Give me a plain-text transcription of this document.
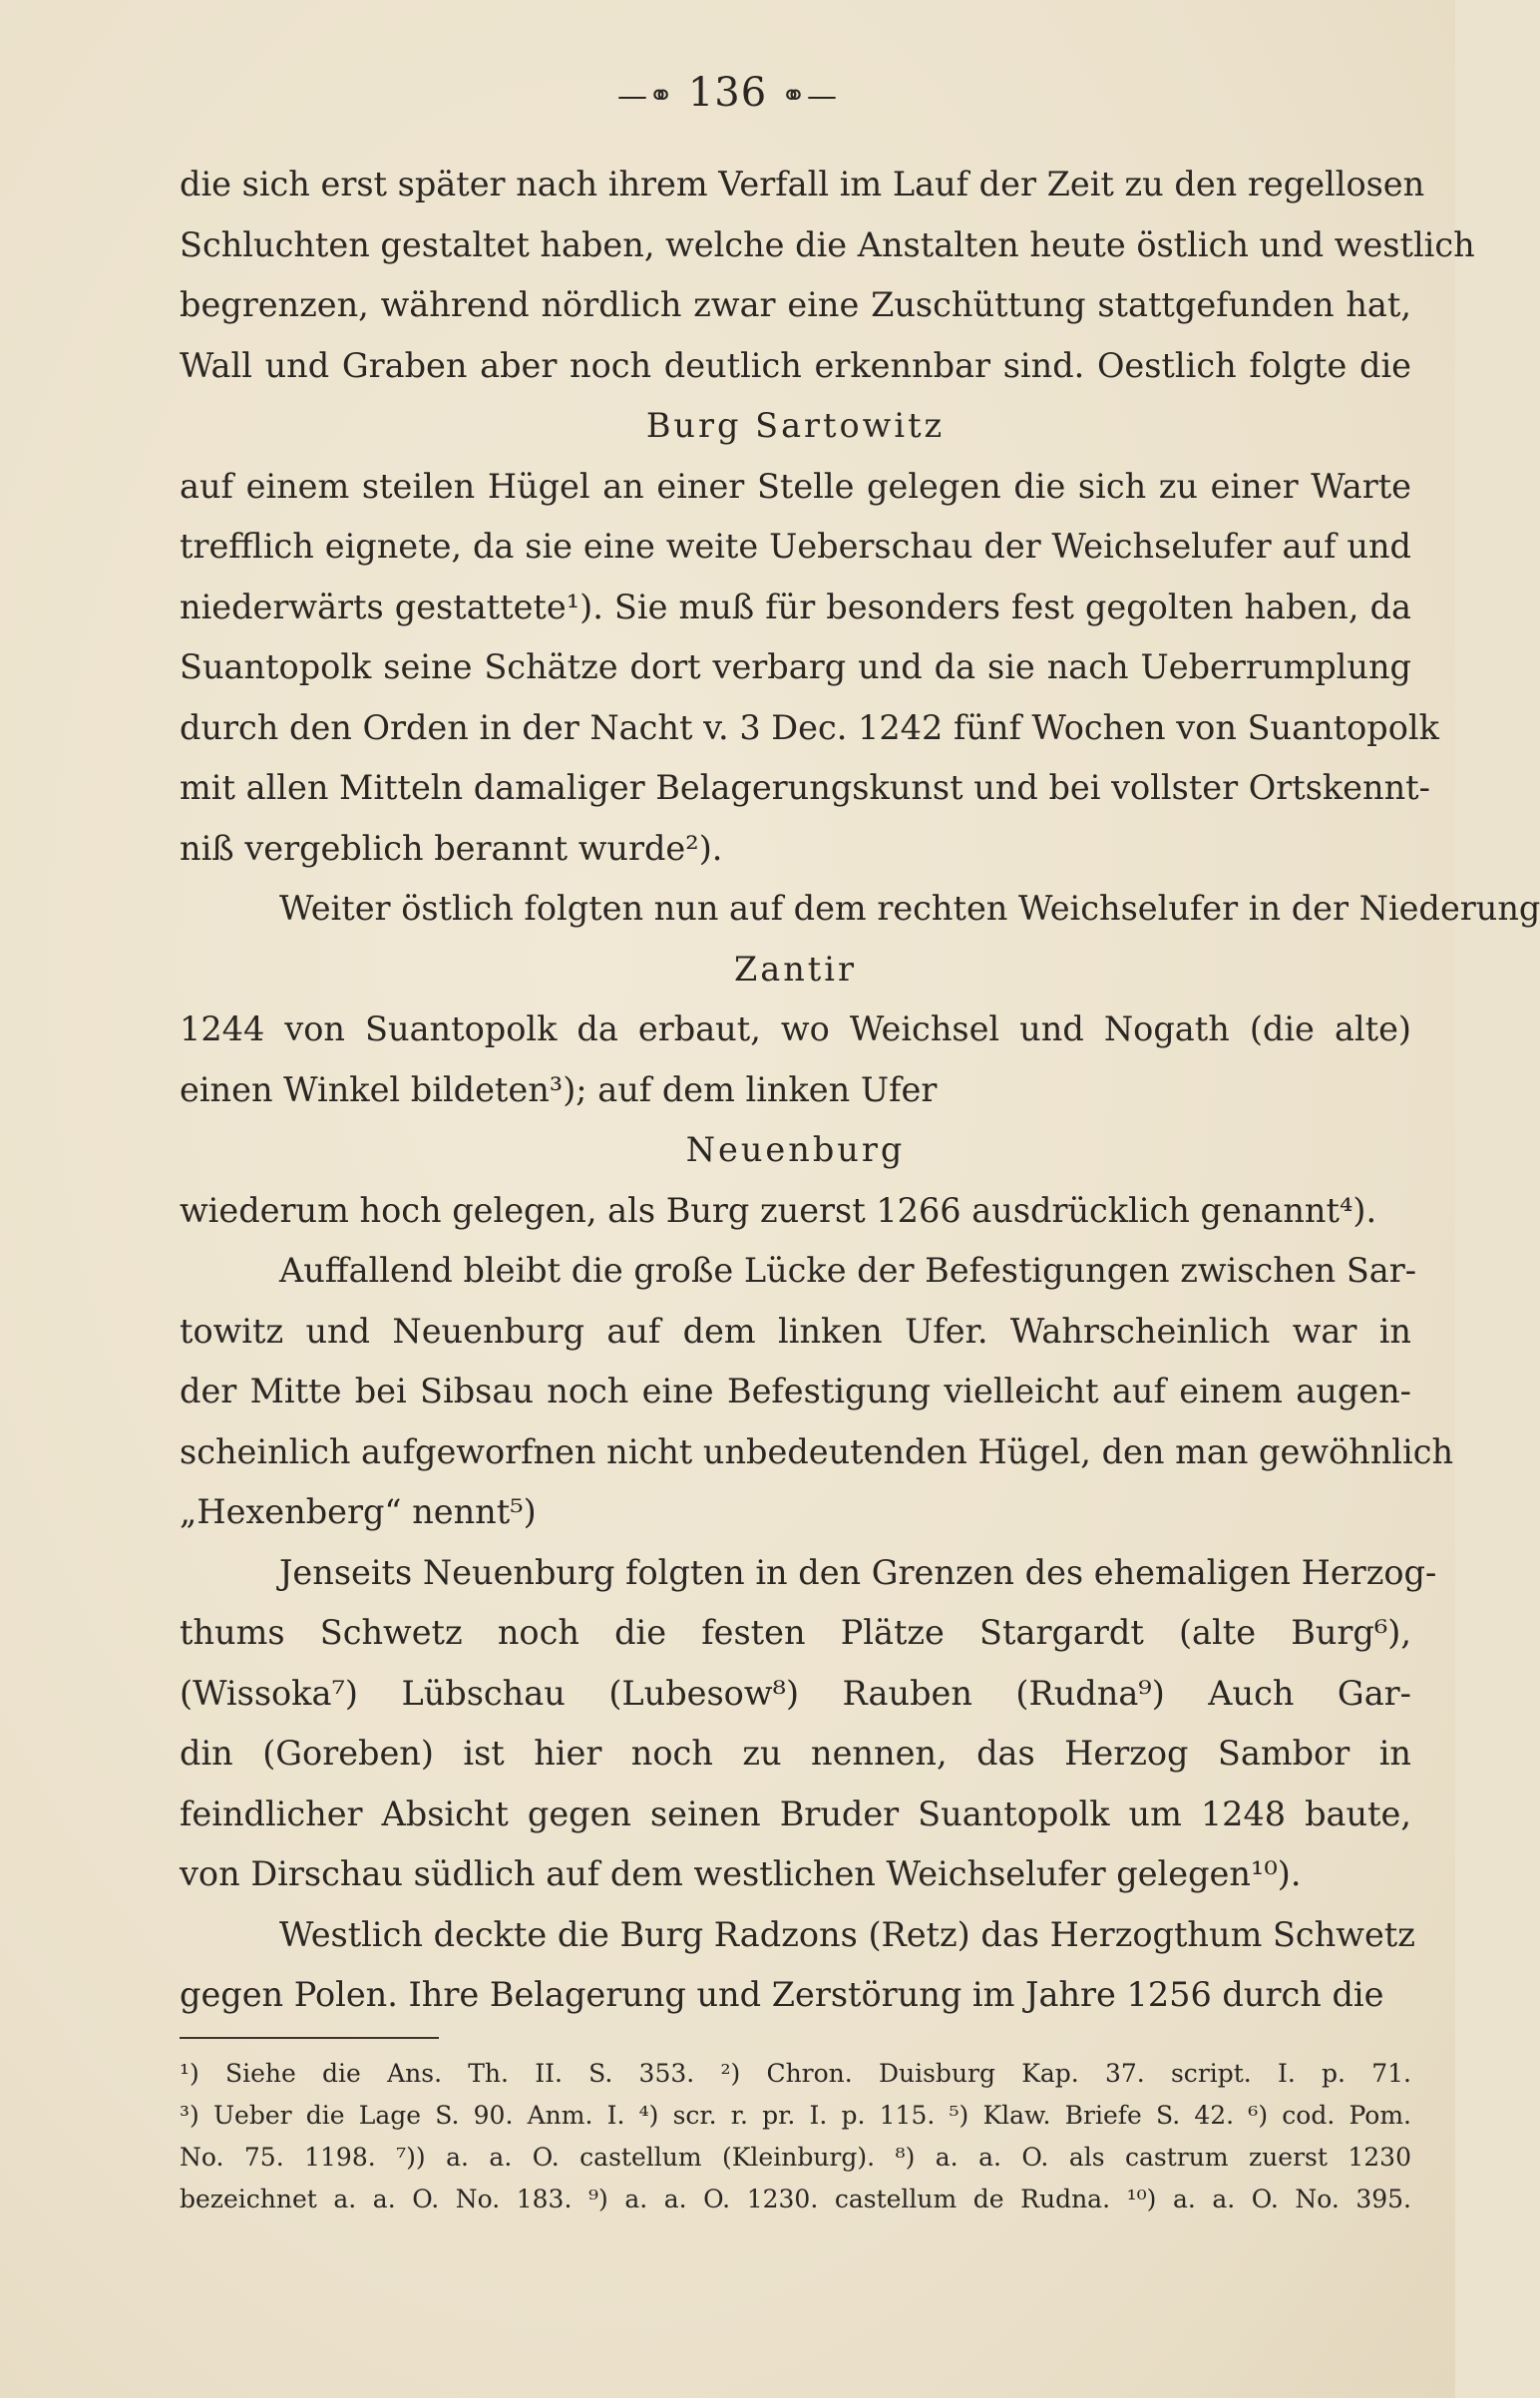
—⚭ 136 ⚭—
die sich erst später nach ihrem Verfall im Lauf der Zeit zu den regellosen
Schluchten gestaltet haben, welche die Anstalten heute östlich und westlich
begrenzen, während nördlich zwar eine Zuschüttung stattgefunden hat,
Wall und Graben aber noch deutlich erkennbar sind. Oestlich folgte die
Burg Sartowitz
auf einem steilen Hügel an einer Stelle gelegen die sich zu einer Warte
trefflich eignete, da sie eine weite Ueberschau der Weichselufer auf und
niederwärts gestattete¹). Sie muß für besonders fest gegolten haben, da
Suantopolk seine Schätze dort verbarg und da sie nach Ueberrumplung
durch den Orden in der Nacht v. 3 Dec. 1242 fünf Wochen von Suantopolk
mit allen Mitteln damaliger Belagerungskunst und bei vollster Ortskennt-
niß vergeblich berannt wurde²).
Weiter östlich folgten nun auf dem rechten Weichselufer in der Niederung
Zantir
1244 von Suantopolk da erbaut, wo Weichsel und Nogath (die alte)
einen Winkel bildeten³); auf dem linken Ufer
Neuenburg
wiederum hoch gelegen, als Burg zuerst 1266 ausdrücklich genannt⁴).
Auffallend bleibt die große Lücke der Befestigungen zwischen Sar-
towitz und Neuenburg auf dem linken Ufer. Wahrscheinlich war in
der Mitte bei Sibsau noch eine Befestigung vielleicht auf einem augen-
scheinlich aufgeworfnen nicht unbedeutenden Hügel, den man gewöhnlich
„Hexenberg“ nennt⁵)
Jenseits Neuenburg folgten in den Grenzen des ehemaligen Herzog-
thums Schwetz noch die festen Plätze Stargardt (alte Burg⁶),
(Wissoka⁷) Lübschau (Lubesow⁸) Rauben (Rudna⁹) Auch Gar-
din (Goreben) ist hier noch zu nennen, das Herzog Sambor in
feindlicher Absicht gegen seinen Bruder Suantopolk um 1248 baute,
von Dirschau südlich auf dem westlichen Weichselufer gelegen¹⁰).
Westlich deckte die Burg Radzons (Retz) das Herzogthum Schwetz
gegen Polen. Ihre Belagerung und Zerstörung im Jahre 1256 durch die
¹) Siehe die Ans. Th. II. S. 353. ²) Chron. Duisburg Kap. 37. script. I. p. 71.
³) Ueber die Lage S. 90. Anm. I. ⁴) scr. r. pr. I. p. 115. ⁵) Klaw. Briefe S. 42. ⁶) cod. Pom.
No. 75. 1198. ⁷)) a. a. O. castellum (Kleinburg). ⁸) a. a. O. als castrum zuerst 1230
bezeichnet a. a. O. No. 183. ⁹) a. a. O. 1230. castellum de Rudna. ¹⁰) a. a. O. No. 395.
